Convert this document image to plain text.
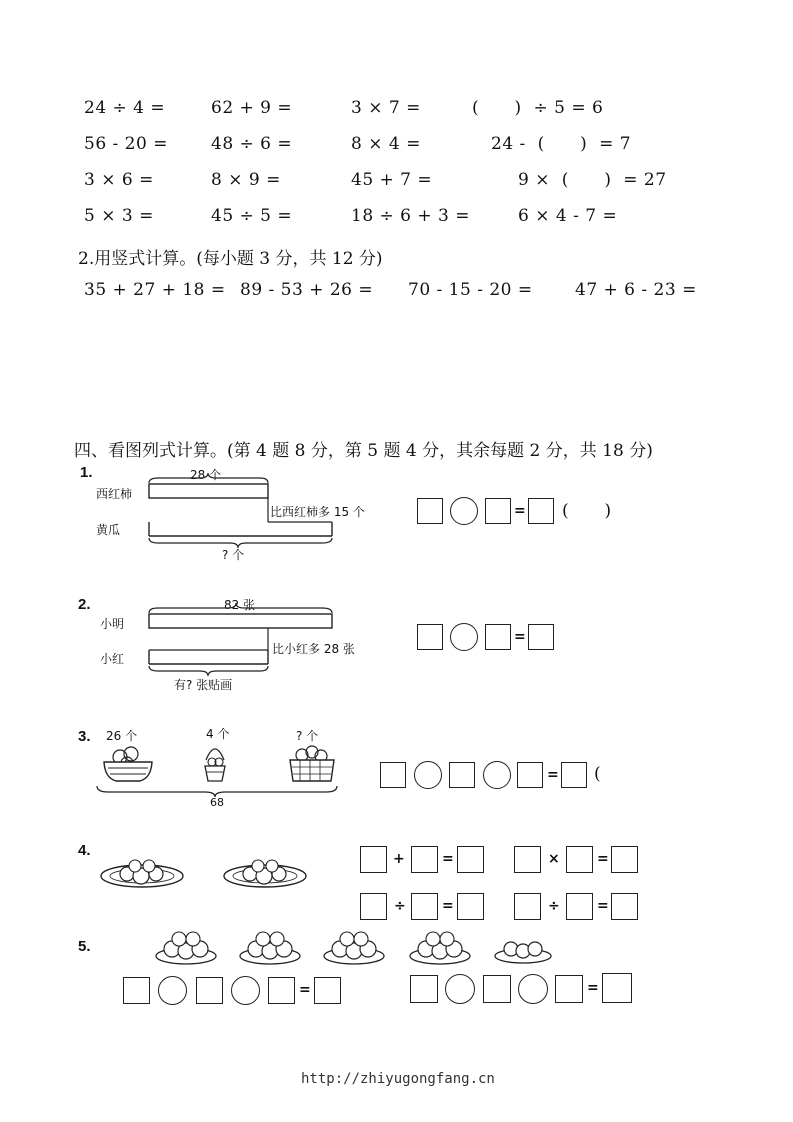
24 ÷ 4 =	62 + 9 =	3 × 7 =	(      )  ÷ 5 = 6
56 - 20 =	48 ÷ 6 =	8 × 4 =	24 -  (      )  = 7
3 × 6 =	8 × 9 =	45 + 7 =	9 ×  (      )  = 27
5 × 3 =	45 ÷ 5 =	18 ÷ 6 + 3 =	6 × 4 - 7 =
2.用竖式计算。(每小题 3 分，共 12 分)
35 + 27 + 18 = 89 - 53 + 26 = 70 - 15 - 20 = 47 + 6 - 23 =
四、看图列式计算。(第 4 题 8 分，第 5 题 4 分，其余每题 2 分，共 18 分)
1.	28 个
西红柿
黄瓜
比西红柿多 15 个
? 个
= (      )
2.	82 张
小明
小红
比小红多 28 张
有? 张贴画
=
3. 26 个	4 个	? 个
68
= (
4.	+	=	×	=
÷	=	÷	=
5.
=	=
http://zhiyugongfang.cn
